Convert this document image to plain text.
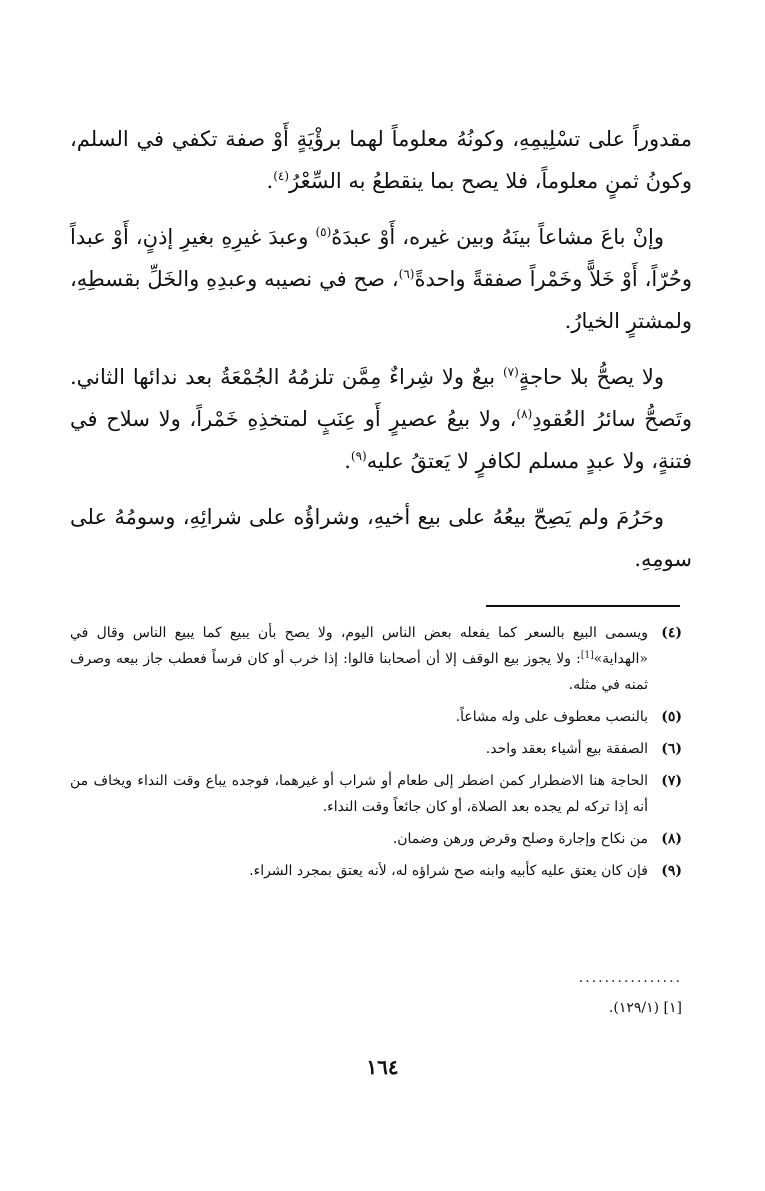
مقدوراً على تسْلِيمِهِ، وكونُهُ معلوماً لهما برؤْيَةٍ أَوْ صفة تكفي في السلم، وكونُ ثمنٍ معلوماً، فلا يصح بما ينقطعُ به السِّعْرُ$^{(٤)}$.

وإنْ باعَ مشاعاً بينَهُ وبين غيره، أَوْ عبدَهُ$^{(٥)}$ وعبدَ غيرِهِ بغيرِ إذنٍ، أَوْ عبداً وحُرّاً، أَوْ خَلاًّ وخَمْراً صفقةً واحدةً$^{(٦)}$، صح في نصيبه وعبدِهِ والخَلِّ بقسطِهِ، ولمشترٍ الخيارُ.

ولا يصحُّ بلا حاجةٍ$^{(٧)}$ بيعٌ ولا شِراءٌ مِمَّن تلزمُهُ الجُمْعَةُ بعد ندائها الثاني. وتَصحُّ سائرُ العُقودِ$^{(٨)}$، ولا بيعُ عصيرٍ أَو عِنَبٍ لمتخذِهِ خَمْراً، ولا سلاح في فتنةٍ، ولا عبدٍ مسلم لكافرٍ لا يَعتقُ عليه$^{(٩)}$.

وحَرُمَ ولم يَصِحّ بيعُهُ على بيع أخيهِ، وشراؤُه على شرائِهِ، وسومُهُ على سومِهِ.

(٤)
ويسمى البيع بالسعر كما يفعله بعض الناس اليوم، ولا يصح بأن يبيع كما يبيع الناس وقال في «الهداية»[1]: ولا يجوز بيع الوقف إلا أن أصحابنا قالوا: إذا خرب أو كان فرساً فعطب جاز بيعه وصرف ثمنه في مثله.
(٥)
بالنصب معطوف على وله مشاعاً.
(٦)
الصفقة بيع أشياء بعقد واحد.
(٧)
الحاجة هنا الاضطرار كمن اضطر إلى طعام أو شراب أو غيرهما، فوجده يباع وقت النداء ويخاف من أنه إذا تركه لم يجده بعد الصلاة، أو كان جائعاً وقت النداء.
(٨)
من نكاح وإجارة وصلح وقرض ورهن وضمان.
(٩)
فإن كان يعتق عليه كأبيه وابنه صح شراؤه له، لأنه يعتق بمجرد الشراء.
................
[١] (١٢٩/١).
١٦٤
